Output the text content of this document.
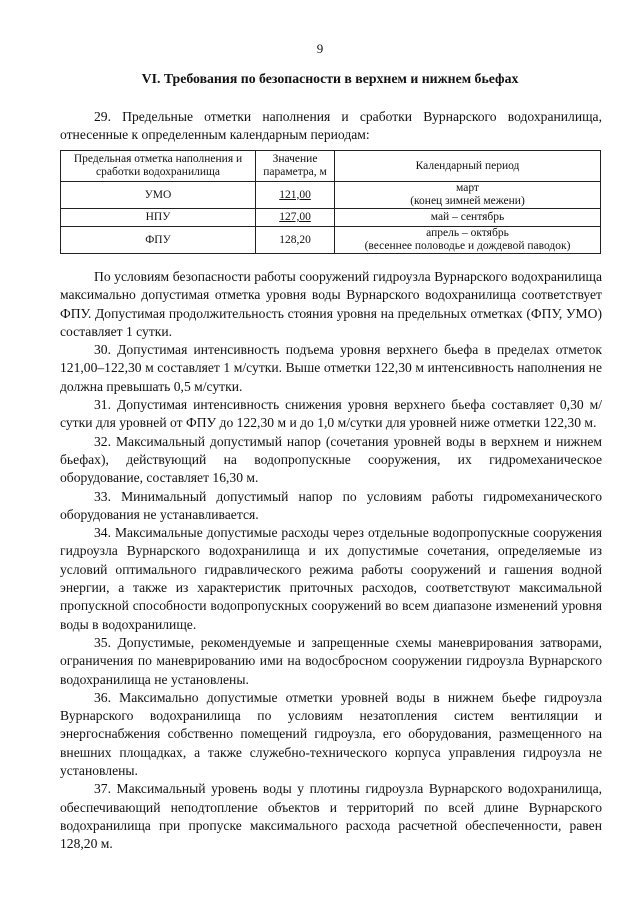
9
VI. Требования по безопасности в верхнем и нижнем бьефах

29. Предельные отметки наполнения и сработки Вурнарского водохранилища, отнесенные к определенным календарным периодам:

Предельная отметка наполнения и сработки водохранилища	Значение параметра, м	Календарный период
УМО	121,00	март
(конец зимней межени)

НПУ	127,00	май – сентябрь

ФПУ	128,20	апрель – октябрь
(весеннее половодье и дождевой паводок)

По условиям безопасности работы сооружений гидроузла Вурнарского водохранилища максимально допустимая отметка уровня воды Вурнарского водохранилища соответствует ФПУ. Допустимая продолжительность стояния уровня на предельных отметках (ФПУ, УМО) составляет 1 сутки.

30. Допустимая интенсивность подъема уровня верхнего бьефа в пределах отметок 121,00–122,30 м составляет 1 м/сутки. Выше отметки 122,30 м интенсивность наполнения не должна превышать 0,5 м/сутки.

31. Допустимая интенсивность снижения уровня верхнего бьефа составляет 0,30 м/сутки для уровней от ФПУ до 122,30 м и до 1,0 м/сутки для уровней ниже отметки 122,30 м.

32. Максимальный допустимый напор (сочетания уровней воды в верхнем и нижнем бьефах), действующий на водопропускные сооружения, их гидромеханическое оборудование, составляет 16,30 м.

33. Минимальный допустимый напор по условиям работы гидромеханического оборудования не устанавливается.

34. Максимальные допустимые расходы через отдельные водопропускные сооружения гидроузла Вурнарского водохранилища и их допустимые сочетания, определяемые из условий оптимального гидравлического режима работы сооружений и гашения водной энергии, а также из характеристик приточных расходов, соответствуют максимальной пропускной способности водопропускных сооружений во всем диапазоне изменений уровня воды в водохранилище.

35. Допустимые, рекомендуемые и запрещенные схемы маневрирования затворами, ограничения по маневрированию ими на водосбросном сооружении гидроузла Вурнарского водохранилища не установлены.

36. Максимально допустимые отметки уровней воды в нижнем бьефе гидроузла Вурнарского водохранилища по условиям незатопления систем вентиляции и энергоснабжения собственно помещений гидроузла, его оборудования, размещенного на внешних площадках, а также служебно-технического корпуса управления гидроузла не установлены.

37. Максимальный уровень воды у плотины гидроузла Вурнарского водохранилища, обеспечивающий неподтопление объектов и территорий по всей длине Вурнарского водохранилища при пропуске максимального расхода расчетной обеспеченности, равен 128,20 м.
